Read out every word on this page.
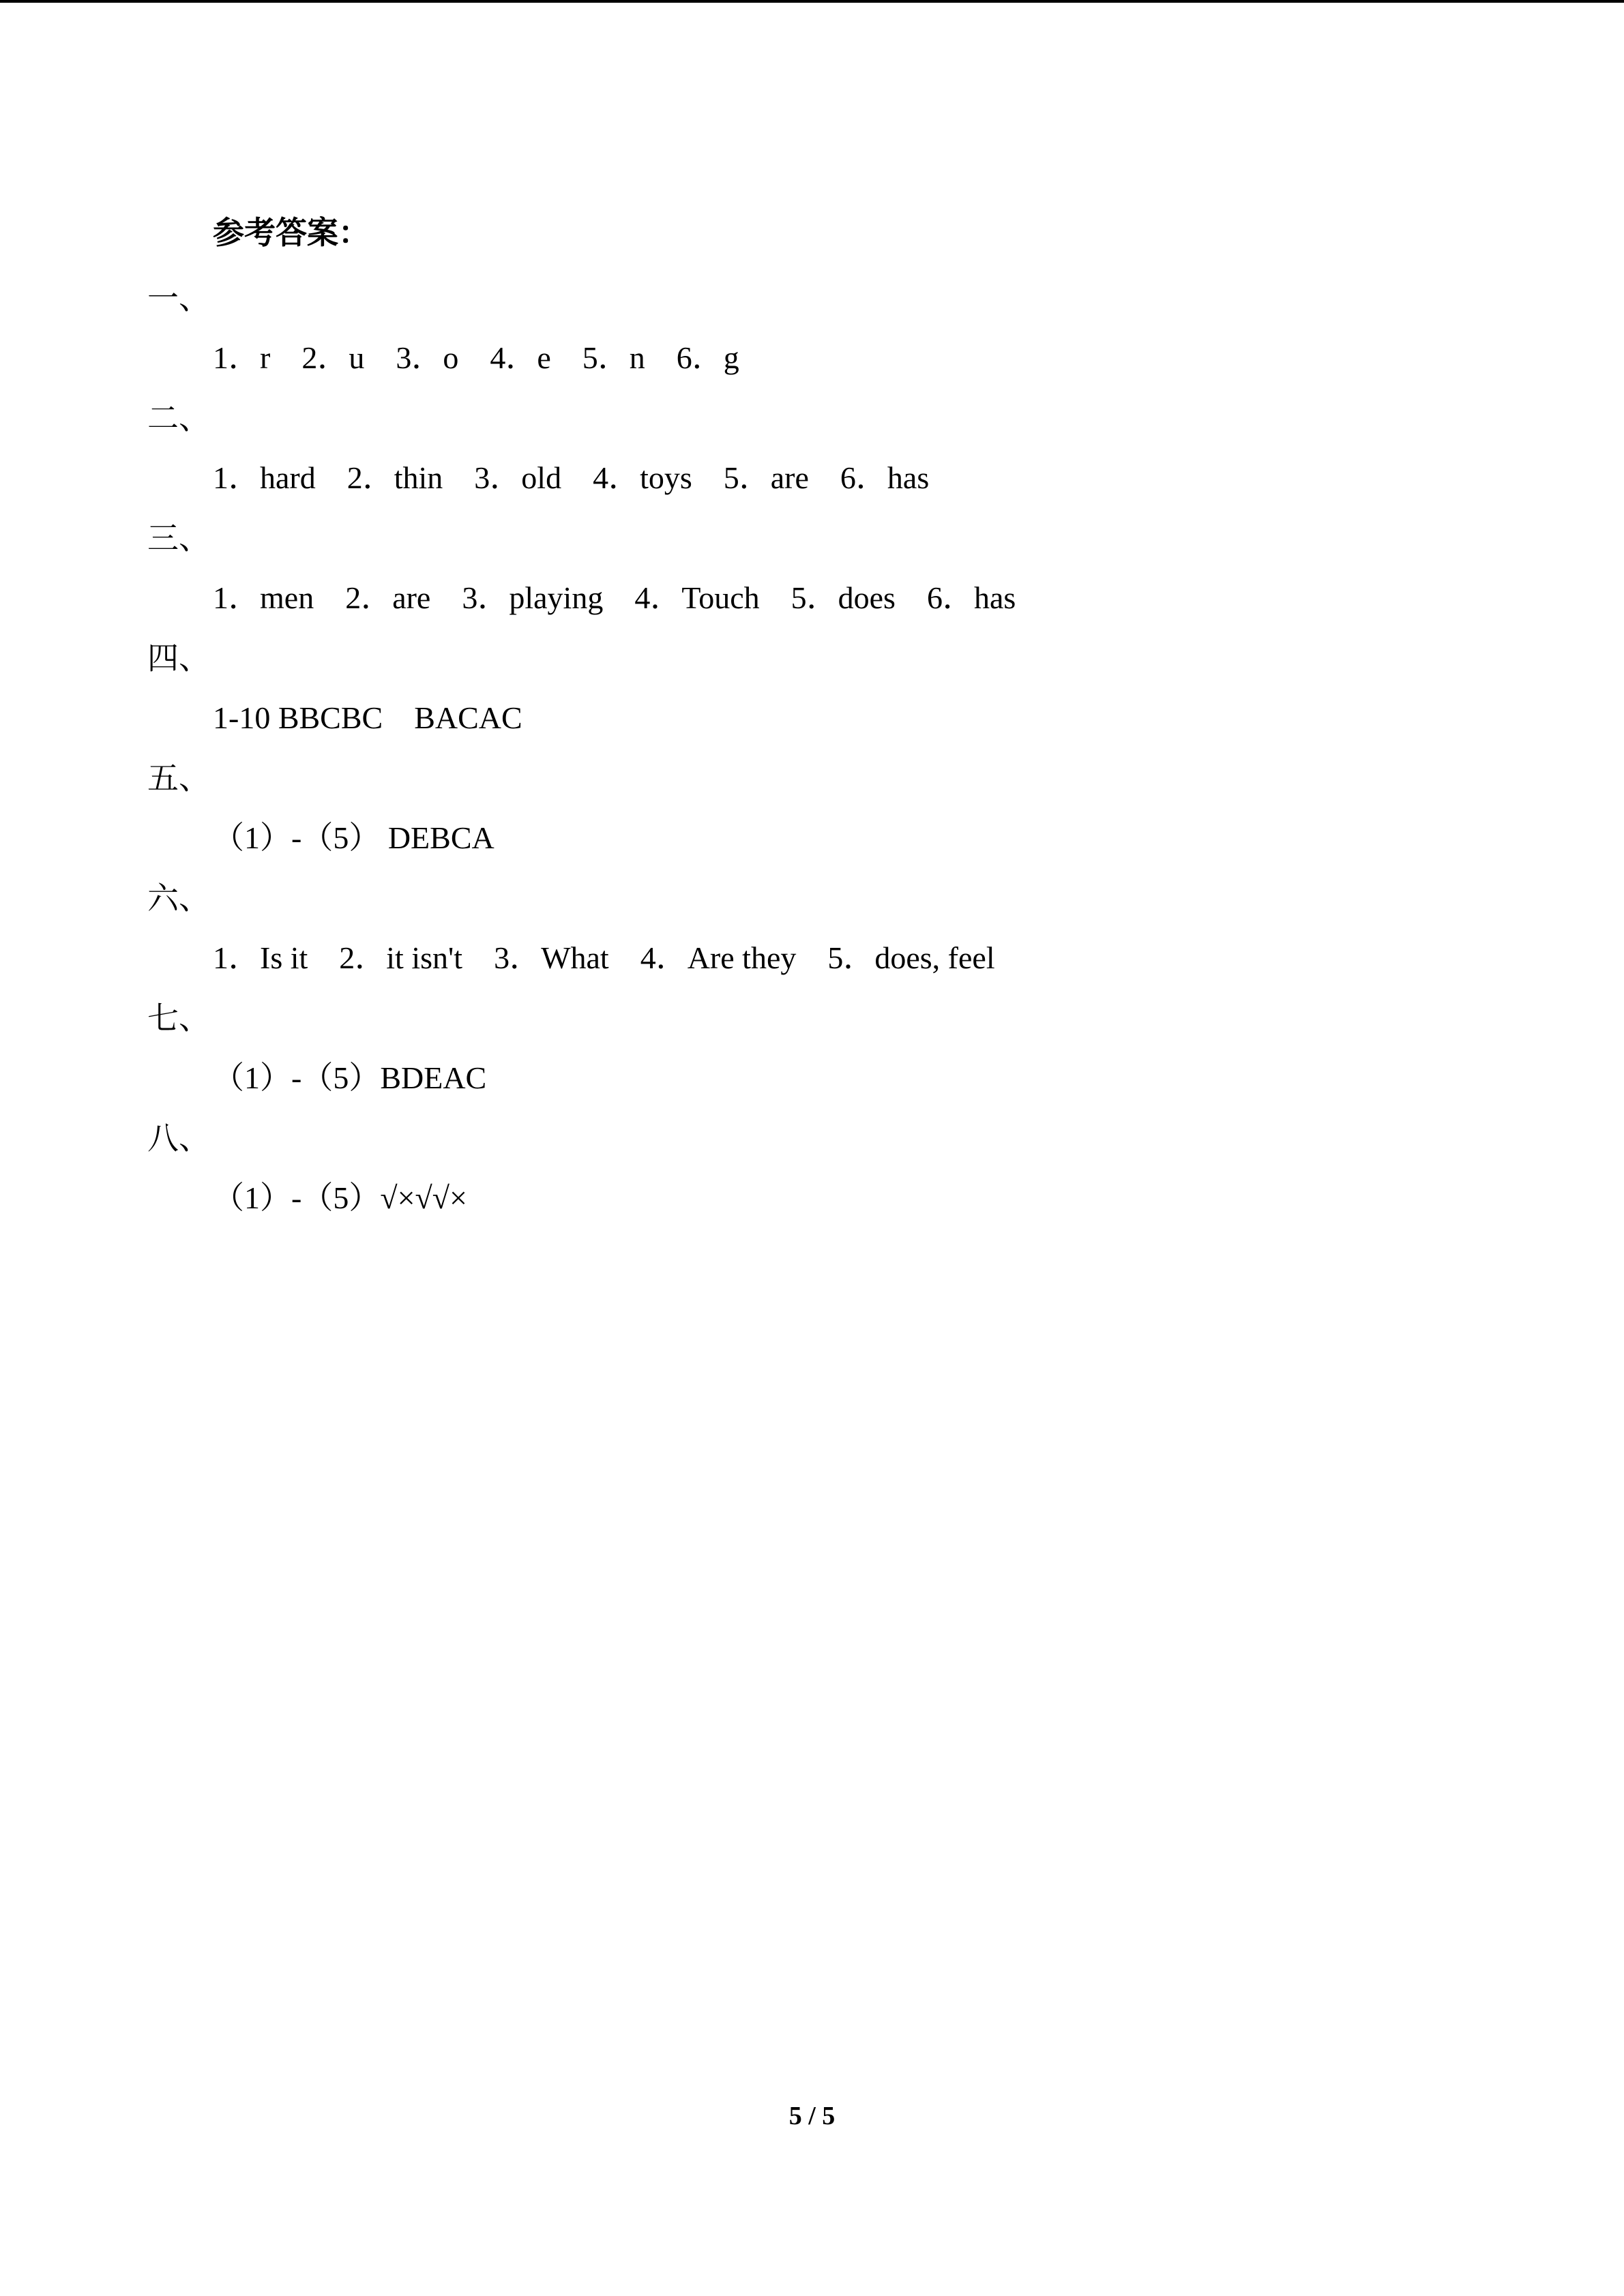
参考答案：
一、
1．r　2．u　3．o　4．e　5．n　6．g
二、
1．hard　2．thin　3．old　4．toys　5．are　6．has
三、
1．men　2．are　3．playing　4．Touch　5．does　6．has
四、
1-10 BBCBC　BACAC
五、
（1）-（5） DEBCA
六、
1．Is it　2．it isn't　3．What　4．Are they　5．does, feel
七、
（1）-（5）BDEAC
八、
（1）-（5）√×√√×
5 / 5
